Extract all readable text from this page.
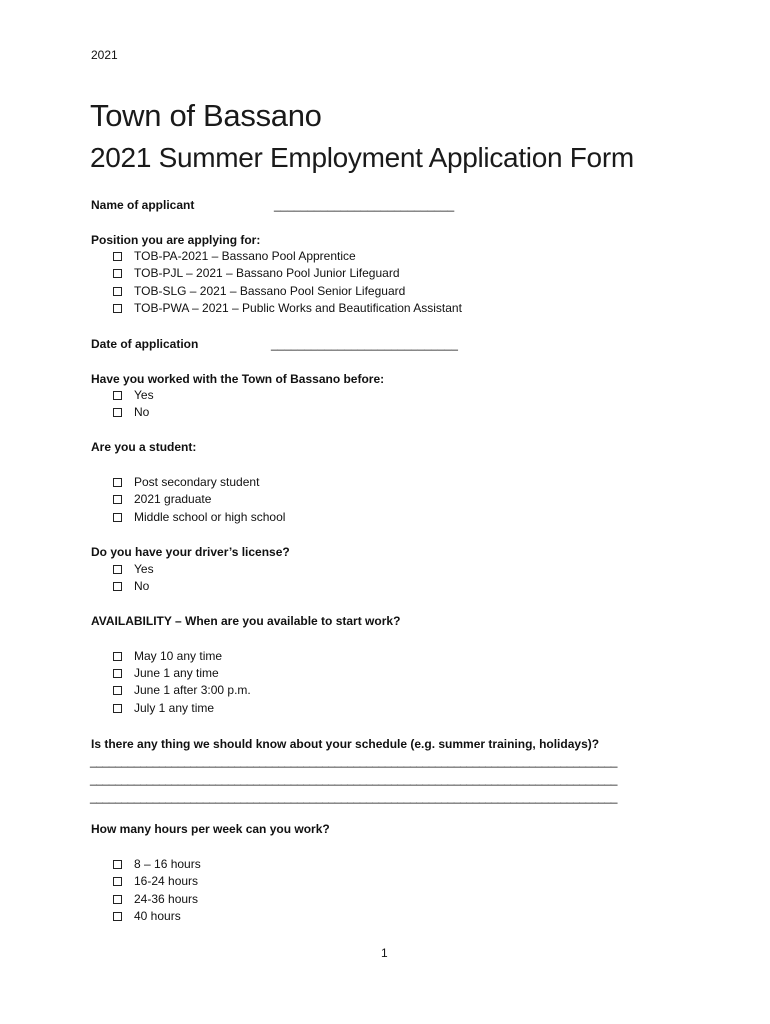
2021
Town of Bassano
2021 Summer Employment Application Form
Name of applicant	___________________________
Position you are applying for:
TOB-PA-2021 – Bassano Pool Apprentice
TOB-PJL – 2021 – Bassano Pool Junior Lifeguard
TOB-SLG – 2021 – Bassano Pool Senior Lifeguard
TOB-PWA – 2021 – Public Works and Beautification Assistant
Date of application	____________________________
Have you worked with the Town of Bassano before:
Yes
No
Are you a student:
Post secondary student
2021 graduate
Middle school or high school
Do you have your driver’s license?
Yes
No
AVAILABILITY – When are you available to start work?
May 10 any time
June 1 any time
June 1 after 3:00 p.m.
July 1 any time
Is there any thing we should know about your schedule (e.g. summer training, holidays)?
____________________________________________________________________________________
____________________________________________________________________________________
____________________________________________________________________________________
How many hours per week can you work?
8 – 16 hours
16-24 hours
24-36 hours
40 hours
1
